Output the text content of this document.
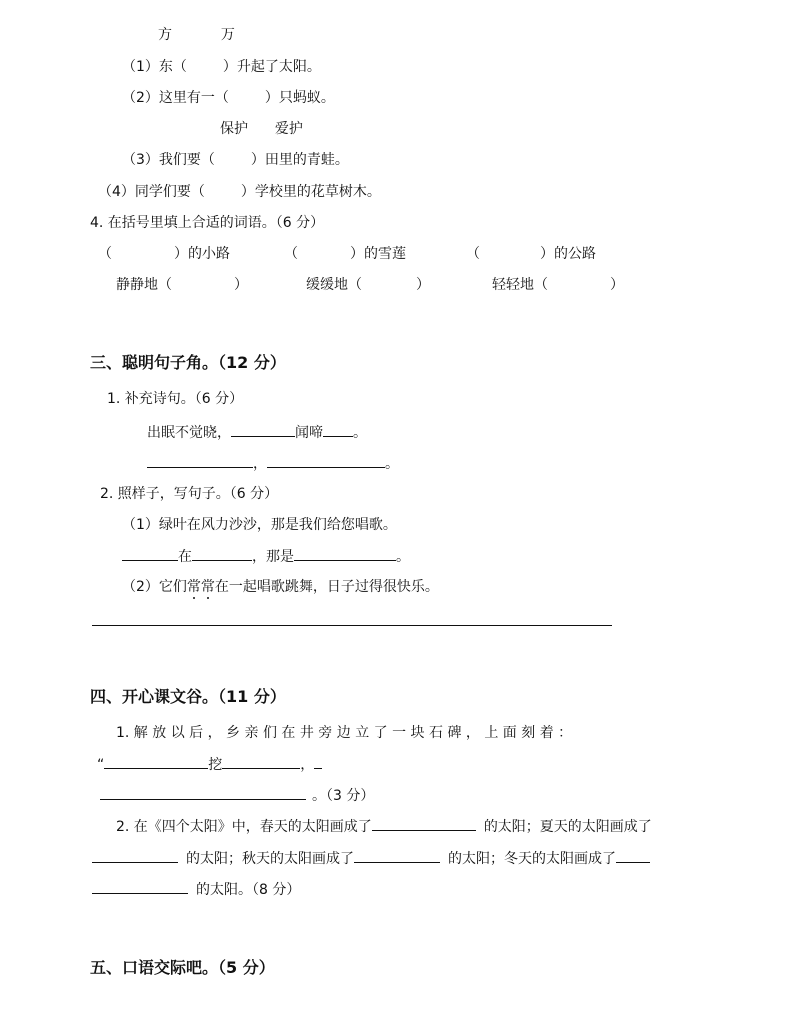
方	万
（1）东（	）升起了太阳。
（2）这里有一（	）只蚂蚁。
保护 爱护
（3）我们要（	）田里的青蛙。
（4）同学们要（	）学校里的花草树木。
4. 在括号里填上合适的词语。（6 分）
（	）的小路	（	）的雪莲	（	）的公路
静静地（	）	缓缓地（	）	轻轻地（	）
三、聪明句子角。（12 分）
1. 补充诗句。（6 分）
出眠不觉晓，	闻啼 。
，	。
2. 照样子，写句子。（6 分）
（1）绿叶在风力沙沙，那是我们给您唱歌。
在	，那是	。
（2）它们常常在一起唱歌跳舞，日子过得很快乐。
四、开心课文谷。（11 分）
1. 解 放 以 后 ， 乡 亲 们 在 井 旁 边 立 了 一 块 石 碑 ， 上 面 刻 着 ：
“	挖	，
。（3 分）
2. 在《四个太阳》中，春天的太阳画成了	的太阳；夏天的太阳画成了
的太阳；秋天的太阳画成了	的太阳；冬天的太阳画成了
的太阳。（8 分）
五、口语交际吧。（5 分）
